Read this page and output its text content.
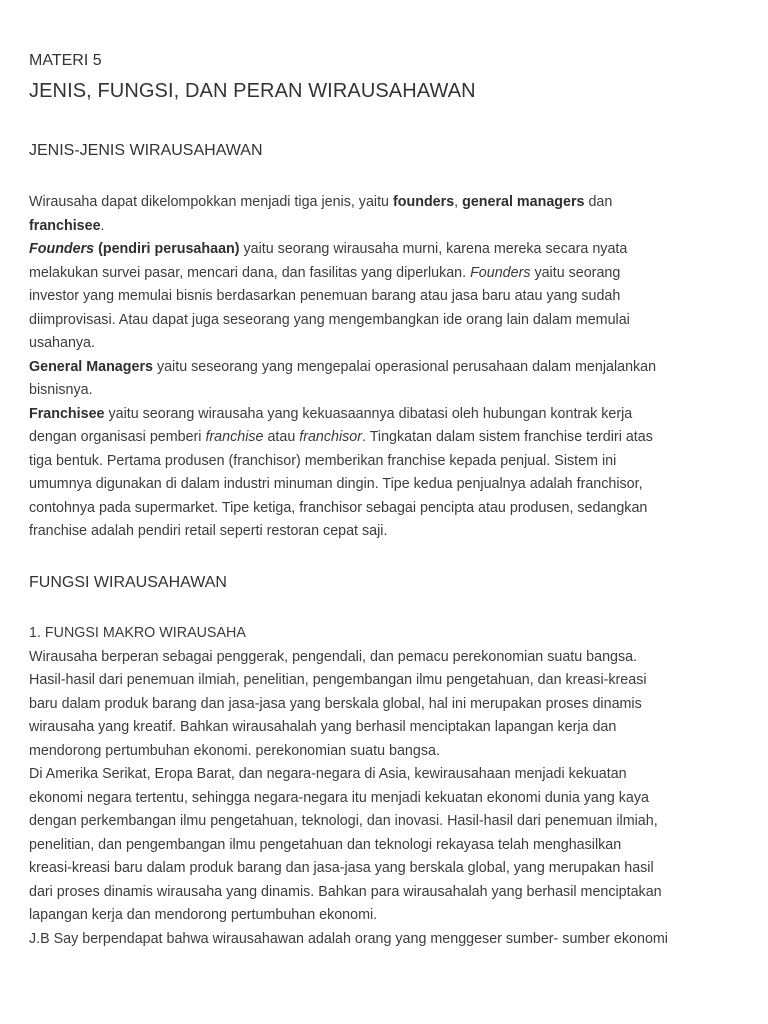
MATERI 5
JENIS, FUNGSI, DAN PERAN WIRAUSAHAWAN
JENIS-JENIS WIRAUSAHAWAN
Wirausaha dapat dikelompokkan menjadi tiga jenis, yaitu founders, general managers dan
franchisee.
Founders (pendiri perusahaan) yaitu seorang wirausaha murni, karena mereka secara nyata
melakukan survei pasar, mencari dana, dan fasilitas yang diperlukan. Founders yaitu seorang
investor yang memulai bisnis berdasarkan penemuan barang atau jasa baru atau yang sudah
diimprovisasi. Atau dapat juga seseorang yang mengembangkan ide orang lain dalam memulai
usahanya.
General Managers yaitu seseorang yang mengepalai operasional perusahaan dalam menjalankan
bisnisnya.
Franchisee yaitu seorang wirausaha yang kekuasaannya dibatasi oleh hubungan kontrak kerja
dengan organisasi pemberi franchise atau franchisor. Tingkatan dalam sistem franchise terdiri atas
tiga bentuk. Pertama produsen (franchisor) memberikan franchise kepada penjual. Sistem ini
umumnya digunakan di dalam industri minuman dingin. Tipe kedua penjualnya adalah franchisor,
contohnya pada supermarket. Tipe ketiga, franchisor sebagai pencipta atau produsen, sedangkan
franchise adalah pendiri retail seperti restoran cepat saji.
FUNGSI WIRAUSAHAWAN
1. FUNGSI MAKRO WIRAUSAHA
Wirausaha berperan sebagai penggerak, pengendali, dan pemacu perekonomian suatu bangsa.
Hasil-hasil dari penemuan ilmiah, penelitian, pengembangan ilmu pengetahuan, dan kreasi-kreasi
baru dalam produk barang dan jasa-jasa yang berskala global, hal ini merupakan proses dinamis
wirausaha yang kreatif. Bahkan wirausahalah yang berhasil menciptakan lapangan kerja dan
mendorong pertumbuhan ekonomi. perekonomian suatu bangsa.
Di Amerika Serikat, Eropa Barat, dan negara-negara di Asia, kewirausahaan menjadi kekuatan
ekonomi negara tertentu, sehingga negara-negara itu menjadi kekuatan ekonomi dunia yang kaya
dengan perkembangan ilmu pengetahuan, teknologi, dan inovasi. Hasil-hasil dari penemuan ilmiah,
penelitian, dan pengembangan ilmu pengetahuan dan teknologi rekayasa telah menghasilkan
kreasi-kreasi baru dalam produk barang dan jasa-jasa yang berskala global, yang merupakan hasil
dari proses dinamis wirausaha yang dinamis. Bahkan para wirausahalah yang berhasil menciptakan
lapangan kerja dan mendorong pertumbuhan ekonomi.
J.B Say berpendapat bahwa wirausahawan adalah orang yang menggeser sumber- sumber ekonomi
